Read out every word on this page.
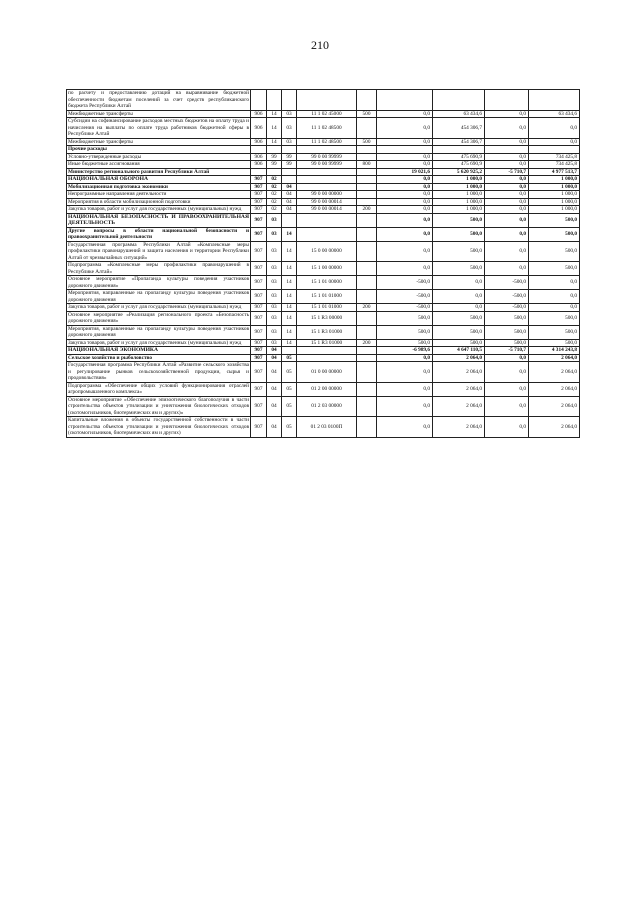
210
по расчету и предоставлению дотаций на выравнивание бюджетной обеспеченности бюджетам поселений за счет средств республиканского бюджета Республики Алтай									
Межбюджетные трансферты	906	14	03	11 1 02 45000	500	0,0	63 434,6	0,0	63 434,6
Субсидии на софинансирование расходов местных бюджетов на оплату труда и начисления на выплаты по оплате труда работников бюджетной сферы в Республике Алтай	906	14	03	11 1 02 48500		0,0	454 306,7	0,0	0,0
Межбюджетные трансферты	906	14	03	11 1 02 48500	500	0,0	454 306,7	0,0	0,0
Прочие расходы									
Условно-утвержденные расходы	906	99	99	99 0 00 99999		0,0	475 690,9	0,0	734 425,8
Иные бюджетные ассигнования	906	99	99	99 0 00 99999	800	0,0	475 690,9	0,0	734 425,8
Министерство регионального развития Республики Алтай						19 021,6	5 620 925,2	-5 710,7	4 977 513,7
НАЦИОНАЛЬНАЯ ОБОРОНА	907	02				0,0	1 000,0	0,0	1 000,0
Мобилизационная подготовка экономики	907	02	04			0,0	1 000,0	0,0	1 000,0
Непрограммные направления деятельности	907	02	04	99 0 00 00000		0,0	1 000,0	0,0	1 000,0
Мероприятия в области мобилизационной подготовки	907	02	04	99 0 00 00014		0,0	1 000,0	0,0	1 000,0
Закупка товаров, работ и услуг для государственных (муниципальных) нужд	907	02	04	99 0 00 00014	200	0,0	1 000,0	0,0	1 000,0
НАЦИОНАЛЬНАЯ БЕЗОПАСНОСТЬ И ПРАВООХРАНИТЕЛЬНАЯ ДЕЯТЕЛЬНОСТЬ	907	03				0,0	500,0	0,0	500,0
Другие вопросы в области национальной безопасности и правоохранительной деятельности	907	03	14			0,0	500,0	0,0	500,0
Государственная программа Республики Алтай «Комплексные меры профилактики правонарушений и защита населения и территории Республики Алтай от чрезвычайных ситуаций»	907	03	14	15 0 00 00000		0,0	500,0	0,0	500,0
Подпрограмма «Комплексные меры профилактики правонарушений в Республике Алтай»	907	03	14	15 1 00 00000		0,0	500,0	0,0	500,0
Основное мероприятие «Пропаганда культуры поведения участников дорожного движения»	907	03	14	15 1 01 00000		-500,0	0,0	-500,0	0,0
Мероприятия, направленные на пропаганду культуры поведения участников дорожного движения	907	03	14	15 1 01 01000		-500,0	0,0	-500,0	0,0
Закупка товаров, работ и услуг для государственных (муниципальных) нужд	907	03	14	15 1 01 01000	200	-500,0	0,0	-500,0	0,0
Основное мероприятие «Реализация регионального проекта «Безопасность дорожного движения»	907	03	14	15 1 R3 00000		500,0	500,0	500,0	500,0
Мероприятия, направленные на пропаганду культуры поведения участников дорожного движения	907	03	14	15 1 R3 01000		500,0	500,0	500,0	500,0
Закупка товаров, работ и услуг для государственных (муниципальных) нужд	907	03	14	15 1 R3 01000	200	500,0	500,0	500,0	500,0
НАЦИОНАЛЬНАЯ ЭКОНОМИКА	907	04				-6 989,6	4 647 110,5	-5 710,7	4 314 243,8
Сельское хозяйство и рыболовство	907	04	05			0,0	2 064,0	0,0	2 064,0
Государственная программа Республики Алтай «Развитие сельского хозяйства и регулирование рынков сельскохозяйственной продукции, сырья и продовольствия»	907	04	05	01 0 00 00000		0,0	2 064,0	0,0	2 064,0
Подпрограмма «Обеспечение общих условий функционирования отраслей агропромышленного комплекса»	907	04	05	01 2 00 00000		0,0	2 064,0	0,0	2 064,0
Основное мероприятие «Обеспечение эпизоотического благополучия в части строительства объектов утилизации и уничтожения биологических отходов (скотомогильников, биотермических ям и других)»	907	04	05	01 2 03 00000		0,0	2 064,0	0,0	2 064,0
Капитальные вложения в объекты государственной собственности в части строительства объектов утилизации и уничтожения биологических отходов (скотомогильников, биотермических ям и других)	907	04	05	01 2 03 0100П		0,0	2 064,0	0,0	2 064,0
